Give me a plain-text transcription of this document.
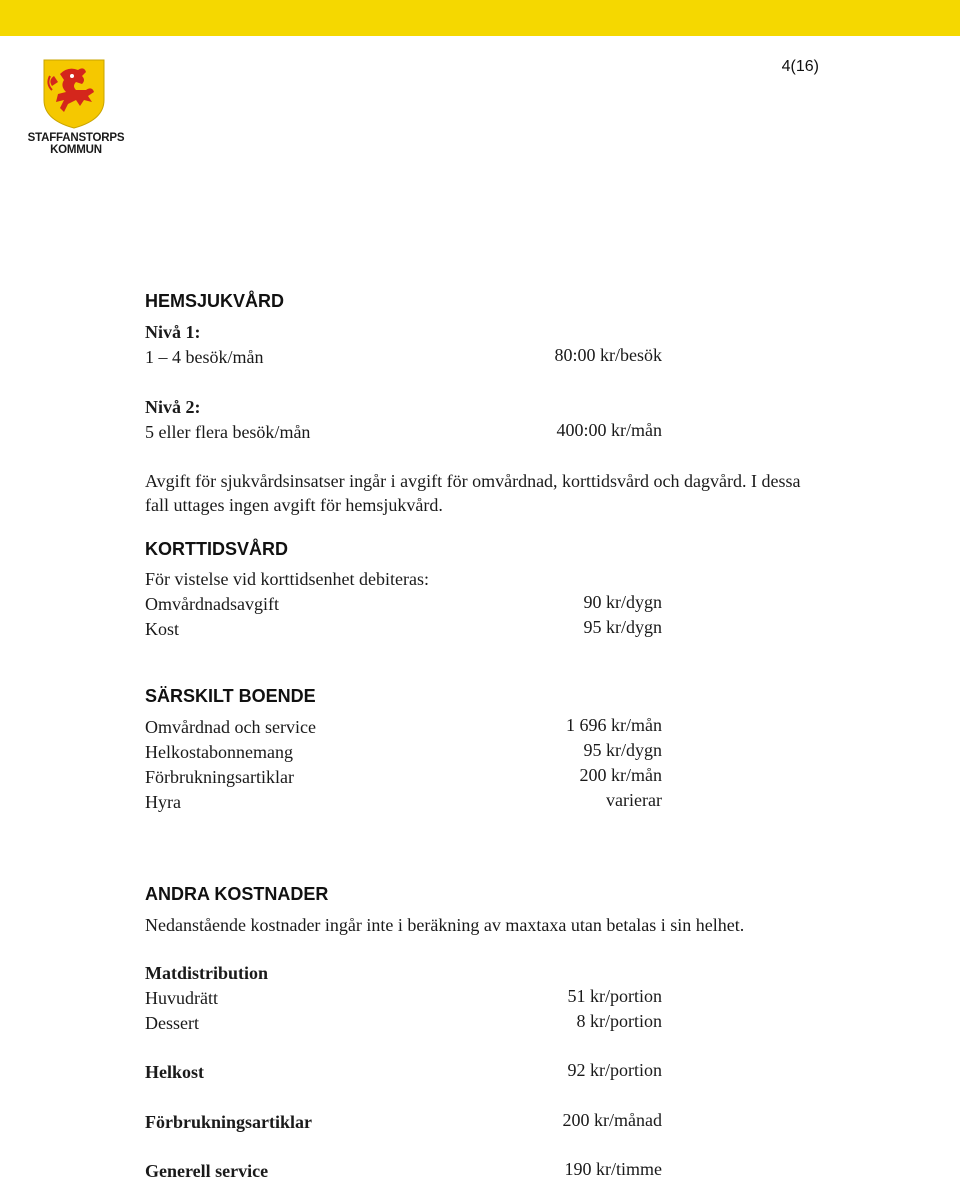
4(16)
STAFFANSTORPS
KOMMUN
HEMSJUKVÅRD
Nivå 1:
1 – 4 besök/mån	80:00 kr/besök
Nivå 2:
5 eller flera besök/mån	400:00 kr/mån
Avgift för sjukvårdsinsatser ingår i avgift för omvårdnad, korttidsvård och dagvård. I dessa fall uttages ingen avgift för hemsjukvård.
KORTTIDSVÅRD
För vistelse vid korttidsenhet debiteras:
Omvårdnadsavgift	90 kr/dygn
Kost	95 kr/dygn
SÄRSKILT BOENDE
Omvårdnad och service	1 696 kr/mån
Helkostabonnemang	95 kr/dygn
Förbrukningsartiklar	200 kr/mån
Hyra	varierar
ANDRA KOSTNADER
Nedanstående kostnader ingår inte i beräkning av maxtaxa utan betalas i sin helhet.
Matdistribution
Huvudrätt	51 kr/portion
Dessert	8 kr/portion
Helkost	92 kr/portion
Förbrukningsartiklar	200 kr/månad
Generell service	190 kr/timme
